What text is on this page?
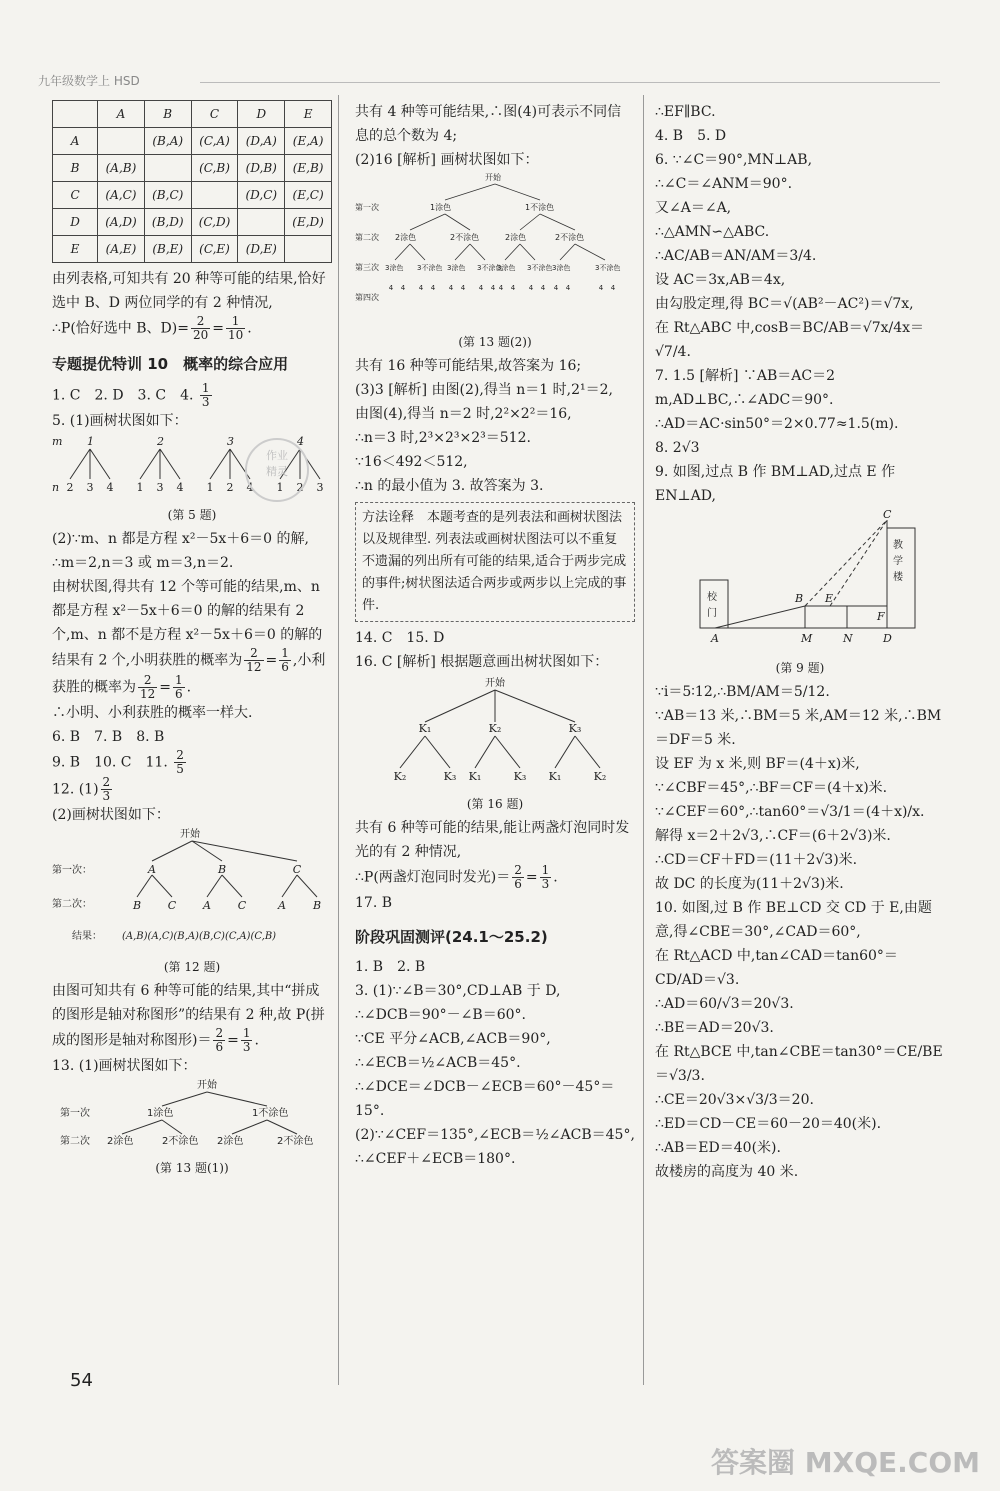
九年级数学上 HSD
	A	B	C	D	E
A		(B,A)	(C,A)	(D,A)	(E,A)
B	(A,B)		(C,B)	(D,B)	(E,B)
C	(A,C)	(B,C)		(D,C)	(E,C)
D	(A,D)	(B,D)	(C,D)		(E,D)
E	(A,E)	(B,E)	(C,E)	(D,E)	

由列表格,可知共有 20 种等可能的结果,恰好选中 B、D 两位同学的有 2 种情况,

∴P(恰好选中 B、$D)= \frac{2}{20} = \frac{1}{10}$ .

专题提优特训 10　概率的综合应用

1. C　2. D　3. C　4. $\frac{1}{3}$

5. (1)画树状图如下：

m
n
1	2	3	4
2 3 4 1 3 4 1 2 4 1 2 3
(第 5 题)

(2)∵m、n 都是方程 x²－5x＋6＝0 的解,

∴m＝2,n＝3 或 m＝3,n＝2.

由树状图,得共有 12 个等可能的结果,m、n 都是方程 x²－5x＋6＝0 的解的结果有 2 个,m、n 都不是方程 x²－5x＋6＝0 的解的结果有 2 个,小明获胜的概率为 $\frac{2}{12} = \frac{1}{6}$ ,小利获胜的概率为 $\frac{2}{12} = \frac{1}{6}$ .

∴小明、小利获胜的概率一样大.

6. B　7. B　8. B

9. B　10. C　11. $\frac{2}{5}$

12. $(1) \frac{2}{3}$

(2)画树状图如下：

开始
第一次：
第二次：
结果：
A	B	C
B C A C	A B
(A,B)(A,C)(B,A)(B,C)(C,A)(C,B)
(第 12 题)

由图可知共有 6 种等可能的结果,其中“拼成的图形是轴对称图形”的结果有 2 种,故 P(拼成的图形是轴对称图形)＝ $\frac{2}{6} = \frac{1}{3}$ .

13. (1)画树状图如下：

开始
第一次
第二次
1涂色	1不涂色
2涂色	2不涂色 2涂色	2不涂色
(第 13 题(1))
作业
精灵

共有 4 种等可能结果,∴图(4)可表示不同信息的总个数为 4;

(2)16 [解析] 画树状图如下：

开始
第一次
第二次
第三次
第四次
1涂色	1不涂色
2涂色	2不涂色	2涂色	2不涂色
3涂色 3不涂色 3涂色 3不涂色
3涂色 3不涂色 3涂色	3不涂色
4 4 4 4 4 4 4 4 4 4 4 4 4 4	4 4
(第 13 题(2))

共有 16 种等可能结果,故答案为 16;

(3)3 [解析] 由图(2),得当 n＝1 时,2¹＝2,

由图(4),得当 n＝2 时,2²×2²＝16,

∴n＝3 时,2³×2³×2³＝512.

∵16＜492＜512,

∴n 的最小值为 3. 故答案为 3.

方法诠释　本题考查的是列表法和画树状图法以及规律型. 列表法或画树状图法可以不重复不遗漏的列出所有可能的结果,适合于两步完成的事件;树状图法适合两步或两步以上完成的事件.

14. C　15. D

16. C [解析] 根据题意画出树状图如下：

开始
K₁	K₂	K₃
K₂	K₃ K₁	K₃ K₁	K₂
(第 16 题)

共有 6 种等可能的结果,能让两盏灯泡同时发光的有 2 种情况,

∴P(两盏灯泡同时发光)＝ $\frac{2}{6} = \frac{1}{3}$ .

17. B

阶段巩固测评(24.1～25.2)

1. B　2. B

3. (1)∵∠B＝30°,CD⊥AB 于 D,

∴∠DCB＝90°－∠B＝60°.

∵CE 平分∠ACB,∠ACB＝90°,

∴∠ECB＝½∠ACB＝45°.

∴∠DCE＝∠DCB－∠ECB＝60°－45°＝15°.

(2)∵∠CEF＝135°,∠ECB＝½∠ACB＝45°,

∴∠CEF＋∠ECB＝180°.

∴EF∥BC.

4. B　5. D

6. ∵∠C＝90°,MN⊥AB,

∴∠C＝∠ANM＝90°.

又∠A＝∠A,

∴△AMN∽△ABC.

∴AC/AB＝AN/AM＝3/4.

设 AC＝3x,AB＝4x,

由勾股定理,得 BC＝√(AB²－AC²)＝√7x,

在 Rt△ABC 中,cosB＝BC/AB＝√7x/4x＝√7/4.

7. 1.5 [解析] ∵AB＝AC＝2 m,AD⊥BC,∴∠ADC＝90°.

∴AD＝AC·sin50°＝2×0.77≈1.5(m).

8. 2√3

9. 如图,过点 B 作 BM⊥AD,过点 E 作 EN⊥AD,

校
门
教
学
楼
A
B E
C
M	N
F
D
(第 9 题)

∵i＝5∶12,∴BM/AM＝5/12.

∵AB＝13 米,∴BM＝5 米,AM＝12 米,∴BM＝DF＝5 米.

设 EF 为 x 米,则 BF＝(4＋x)米,

∵∠CBF＝45°,∴BF＝CF＝(4＋x)米.

∵∠CEF＝60°,∴tan60°＝√3/1＝(4＋x)/x.

解得 x＝2＋2√3,∴CF＝(6＋2√3)米.

∴CD＝CF＋FD＝(11＋2√3)米.

故 DC 的长度为(11＋2√3)米.

10. 如图,过 B 作 BE⊥CD 交 CD 于 E,由题意,得∠CBE＝30°,∠CAD＝60°,

在 Rt△ACD 中,tan∠CAD＝tan60°＝CD/AD＝√3.

∴AD＝60/√3＝20√3.

∴BE＝AD＝20√3.

在 Rt△BCE 中,tan∠CBE＝tan30°＝CE/BE＝√3/3.

∴CE＝20√3×√3/3＝20.

∴ED＝CD－CE＝60－20＝40(米).

∴AB＝ED＝40(米).

故楼房的高度为 40 米.

54
答案圈 MXQE.COM
